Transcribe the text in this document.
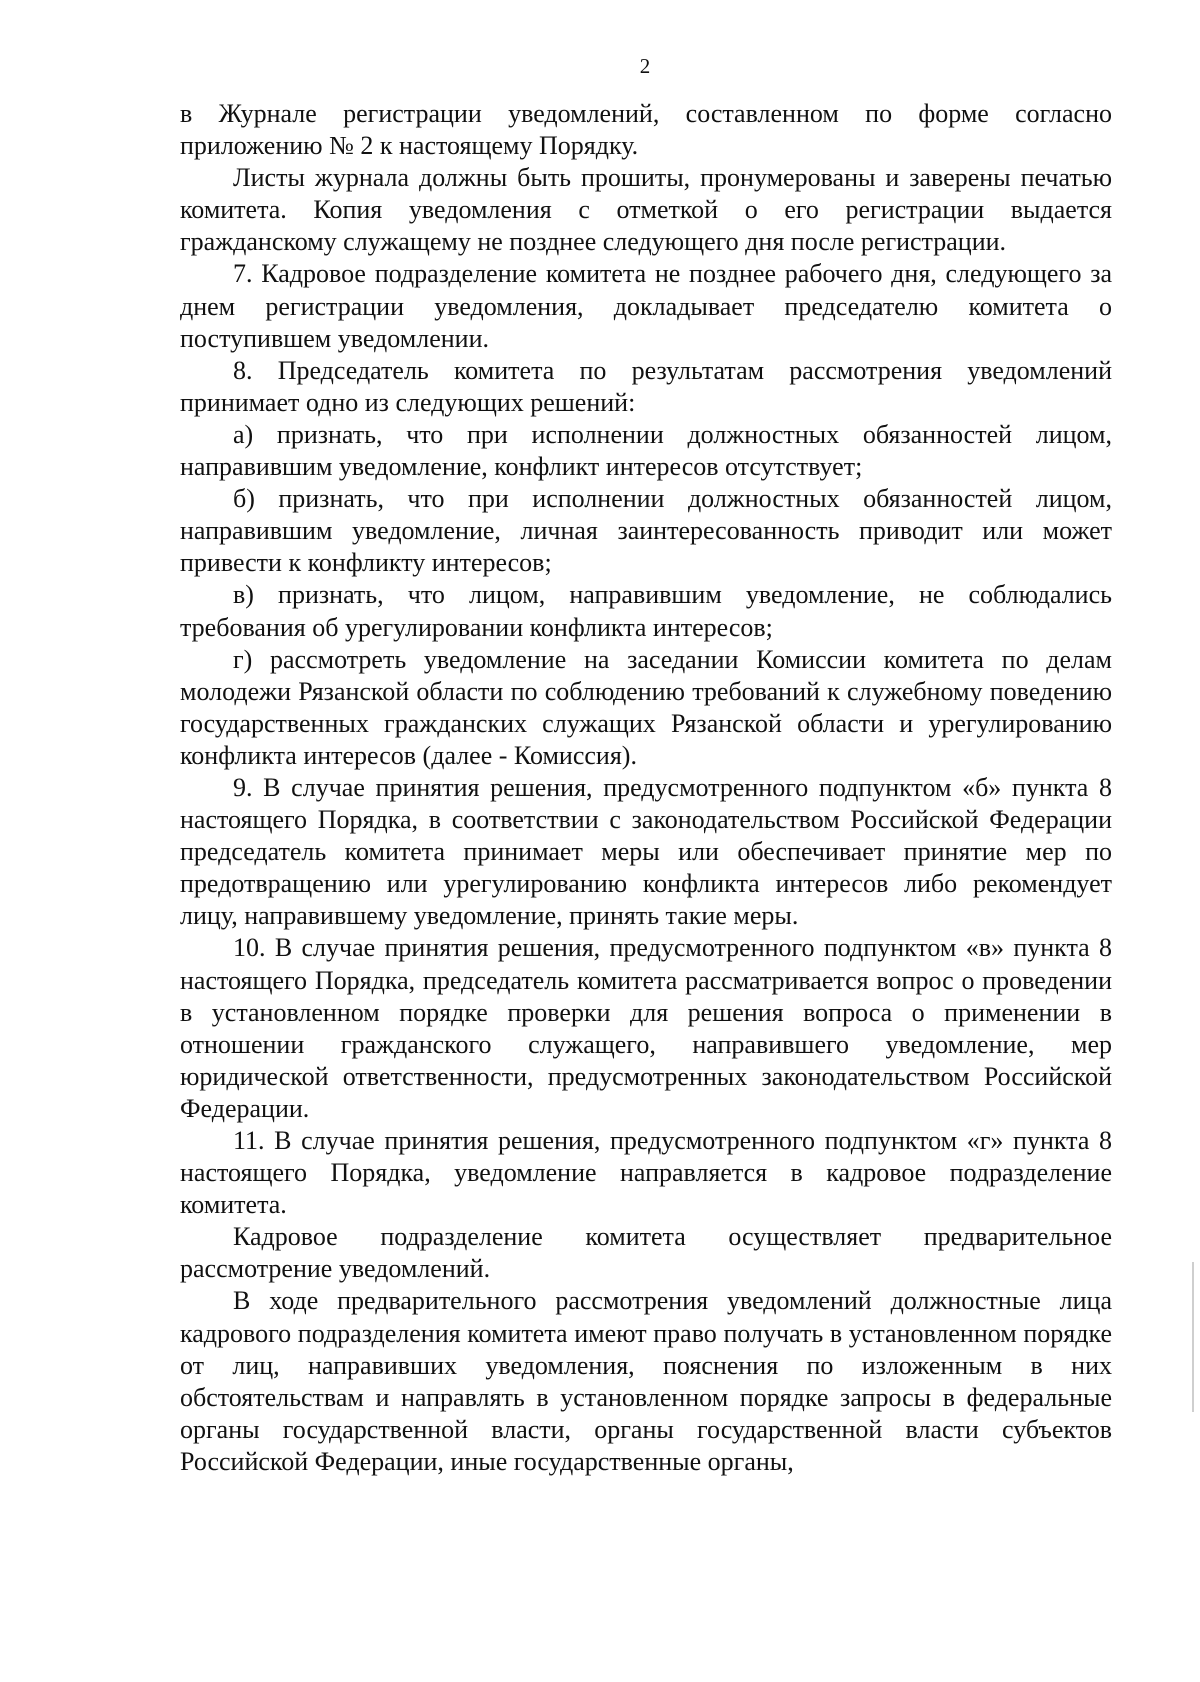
2

в Журнале регистрации уведомлений, составленном по форме согласно приложению № 2 к настоящему Порядку.

Листы журнала должны быть прошиты, пронумерованы и заверены печатью комитета. Копия уведомления с отметкой о его регистрации выдается гражданскому служащему не позднее следующего дня после регистрации.

7. Кадровое подразделение комитета не позднее рабочего дня, следующего за днем регистрации уведомления, докладывает председателю комитета о поступившем уведомлении.

8. Председатель комитета по результатам рассмотрения уведомлений принимает одно из следующих решений:

а) признать, что при исполнении должностных обязанностей лицом, направившим уведомление, конфликт интересов отсутствует;

б) признать, что при исполнении должностных обязанностей лицом, направившим уведомление, личная заинтересованность приводит или может привести к конфликту интересов;

в) признать, что лицом, направившим уведомление, не соблюдались требования об урегулировании конфликта интересов;

г) рассмотреть уведомление на заседании Комиссии комитета по делам молодежи Рязанской области по соблюдению требований к служебному поведению государственных гражданских служащих Рязанской области и урегулированию конфликта интересов (далее - Комиссия).

9. В случае принятия решения, предусмотренного подпунктом «б» пункта 8 настоящего Порядка, в соответствии с законодательством Российской Федерации председатель комитета принимает меры или обеспечивает принятие мер по предотвращению или урегулированию конфликта интересов либо рекомендует лицу, направившему уведомление, принять такие меры.

10. В случае принятия решения, предусмотренного подпунктом «в» пункта 8 настоящего Порядка, председатель комитета рассматривается вопрос о проведении в установленном порядке проверки для решения вопроса о применении в отношении гражданского служащего, направившего уведомление, мер юридической ответственности, предусмотренных законодательством Российской Федерации.

11. В случае принятия решения, предусмотренного подпунктом «г» пункта 8 настоящего Порядка, уведомление направляется в кадровое подразделение комитета.

Кадровое подразделение комитета осуществляет предварительное рассмотрение уведомлений.

В ходе предварительного рассмотрения уведомлений должностные лица кадрового подразделения комитета имеют право получать в установленном порядке от лиц, направивших уведомления, пояснения по изложенным в них обстоятельствам и направлять в установленном порядке запросы в федеральные органы государственной власти, органы государственной власти субъектов Российской Федерации, иные государственные органы,
